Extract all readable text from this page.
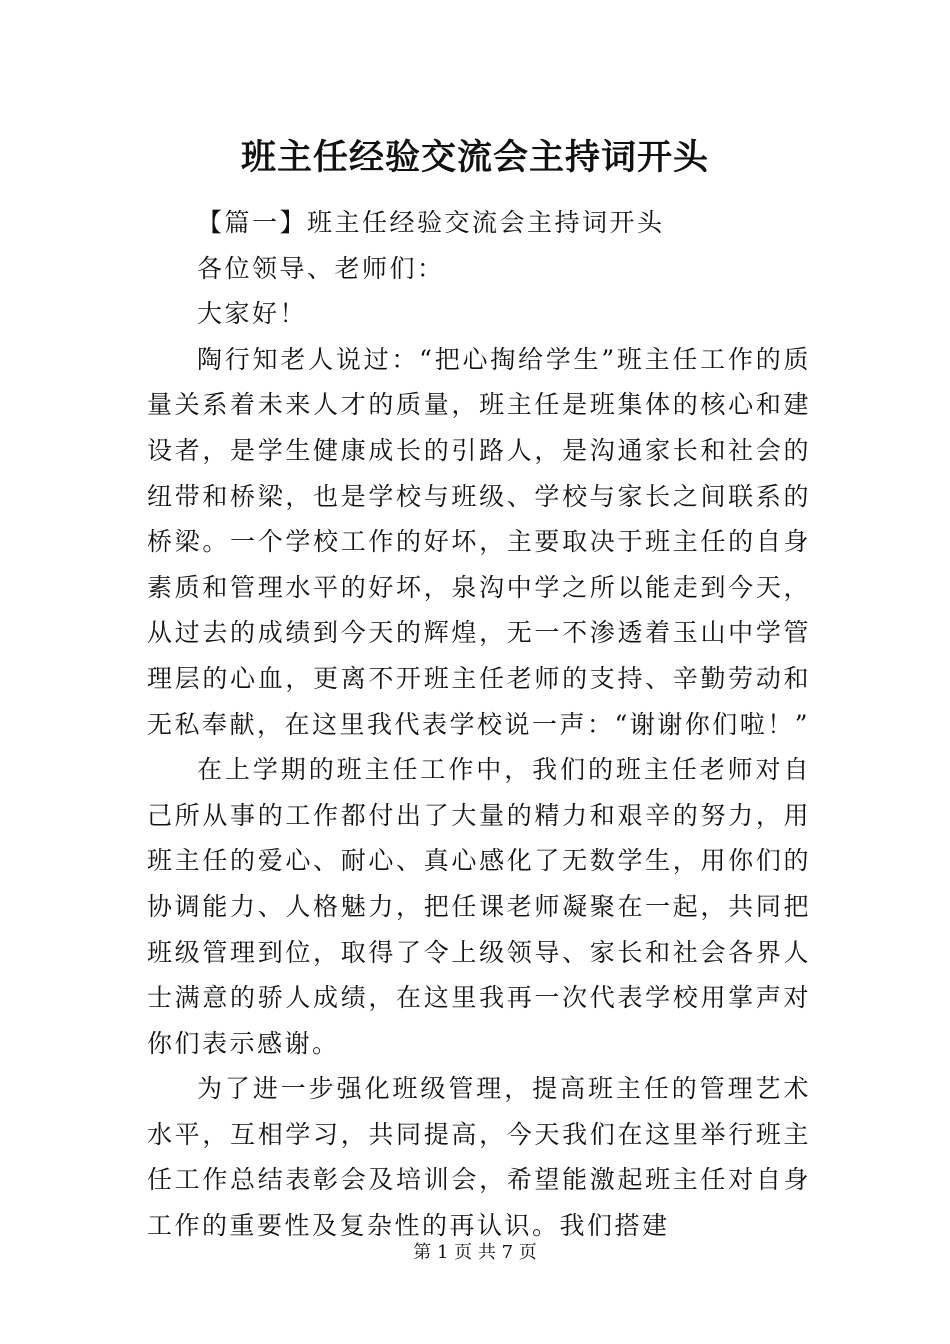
班主任经验交流会主持词开头

【篇一】班主任经验交流会主持词开头

各位领导、老师们：

大家好！

陶行知老人说过：“把心掏给学生”班主任工作的质量关系着未来人才的质量，班主任是班集体的核心和建设者，是学生健康成长的引路人，是沟通家长和社会的纽带和桥梁，也是学校与班级、学校与家长之间联系的桥梁。一个学校工作的好坏，主要取决于班主任的自身素质和管理水平的好坏，泉沟中学之所以能走到今天，从过去的成绩到今天的辉煌，无一不渗透着玉山中学管理层的心血，更离不开班主任老师的支持、辛勤劳动和无私奉献，在这里我代表学校说一声：“谢谢你们啦！”

在上学期的班主任工作中，我们的班主任老师对自己所从事的工作都付出了大量的精力和艰辛的努力，用班主任的爱心、耐心、真心感化了无数学生，用你们的协调能力、人格魅力，把任课老师凝聚在一起，共同把班级管理到位，取得了令上级领导、家长和社会各界人士满意的骄人成绩，在这里我再一次代表学校用掌声对你们表示感谢。

为了进一步强化班级管理，提高班主任的管理艺术水平，互相学习，共同提高，今天我们在这里举行班主任工作总结表彰会及培训会，希望能激起班主任对自身工作的重要性及复杂性的再认识。我们搭建

第 1 页 共 7 页
